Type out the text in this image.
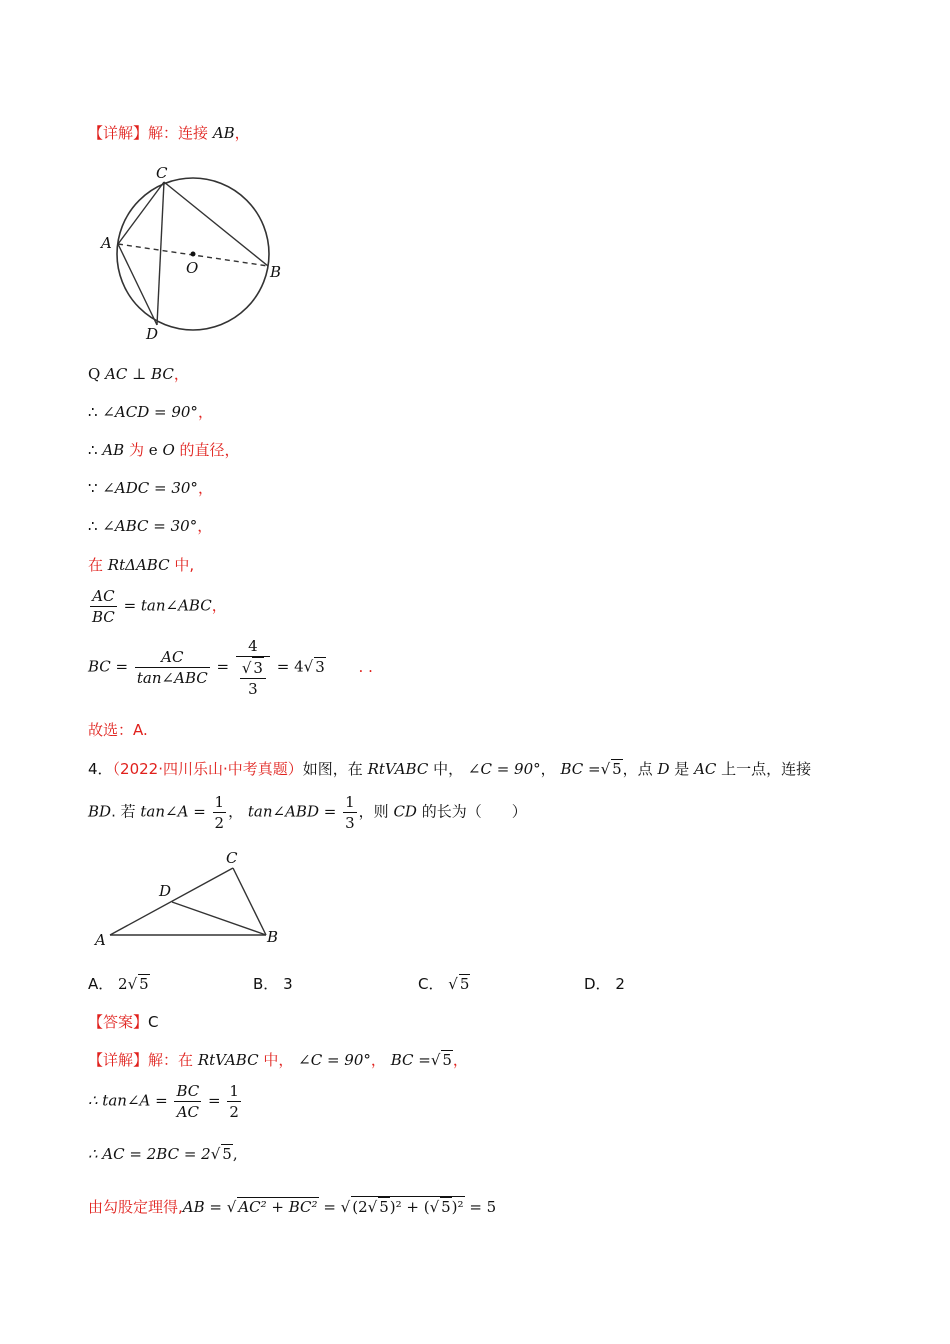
【详解】解：连接 AB，
C
A
O	B
D
Q AC ⊥ BC，
∴ ∠ACD = 90°，
∴ AB 为 e O 的直径，
∵ ∠ADC = 30°，
∴ ∠ABC = 30°，
在 RtΔABC 中,
$\frac{AC}{BC}$ = tan∠ABC，
BC = $\frac{AC}{\text{tan∠ABC}} = \frac{4}{\frac{√ 3}{3}} = 4√$ 3 . .
故选：A.
4．（2022·四川乐山·中考真题）如图，在 RtVABC 中， ∠C = 90°， BC =√ 5，点 D 是 AC 上一点，连接
BD. 若 tan∠A = $\frac{1}{2}$ ， tan∠ABD = $\frac{1}{3}$ ，则 CD 的长为（　　）
C
D
A	B
A． 2√ 5	B． 3	C． √ 5	D． 2
【答案】C
【详解】解：在 RtVABC 中， ∠C = 90°， BC =√ 5，
∴ tan∠A = $\frac{BC}{AC} = \frac{1}{2}$
∴ AC = 2BC = 2√ 5,
由勾股定理得,AB = √ AC² + BC² = √ (2√ 5)² + (√ 5)² = 5
